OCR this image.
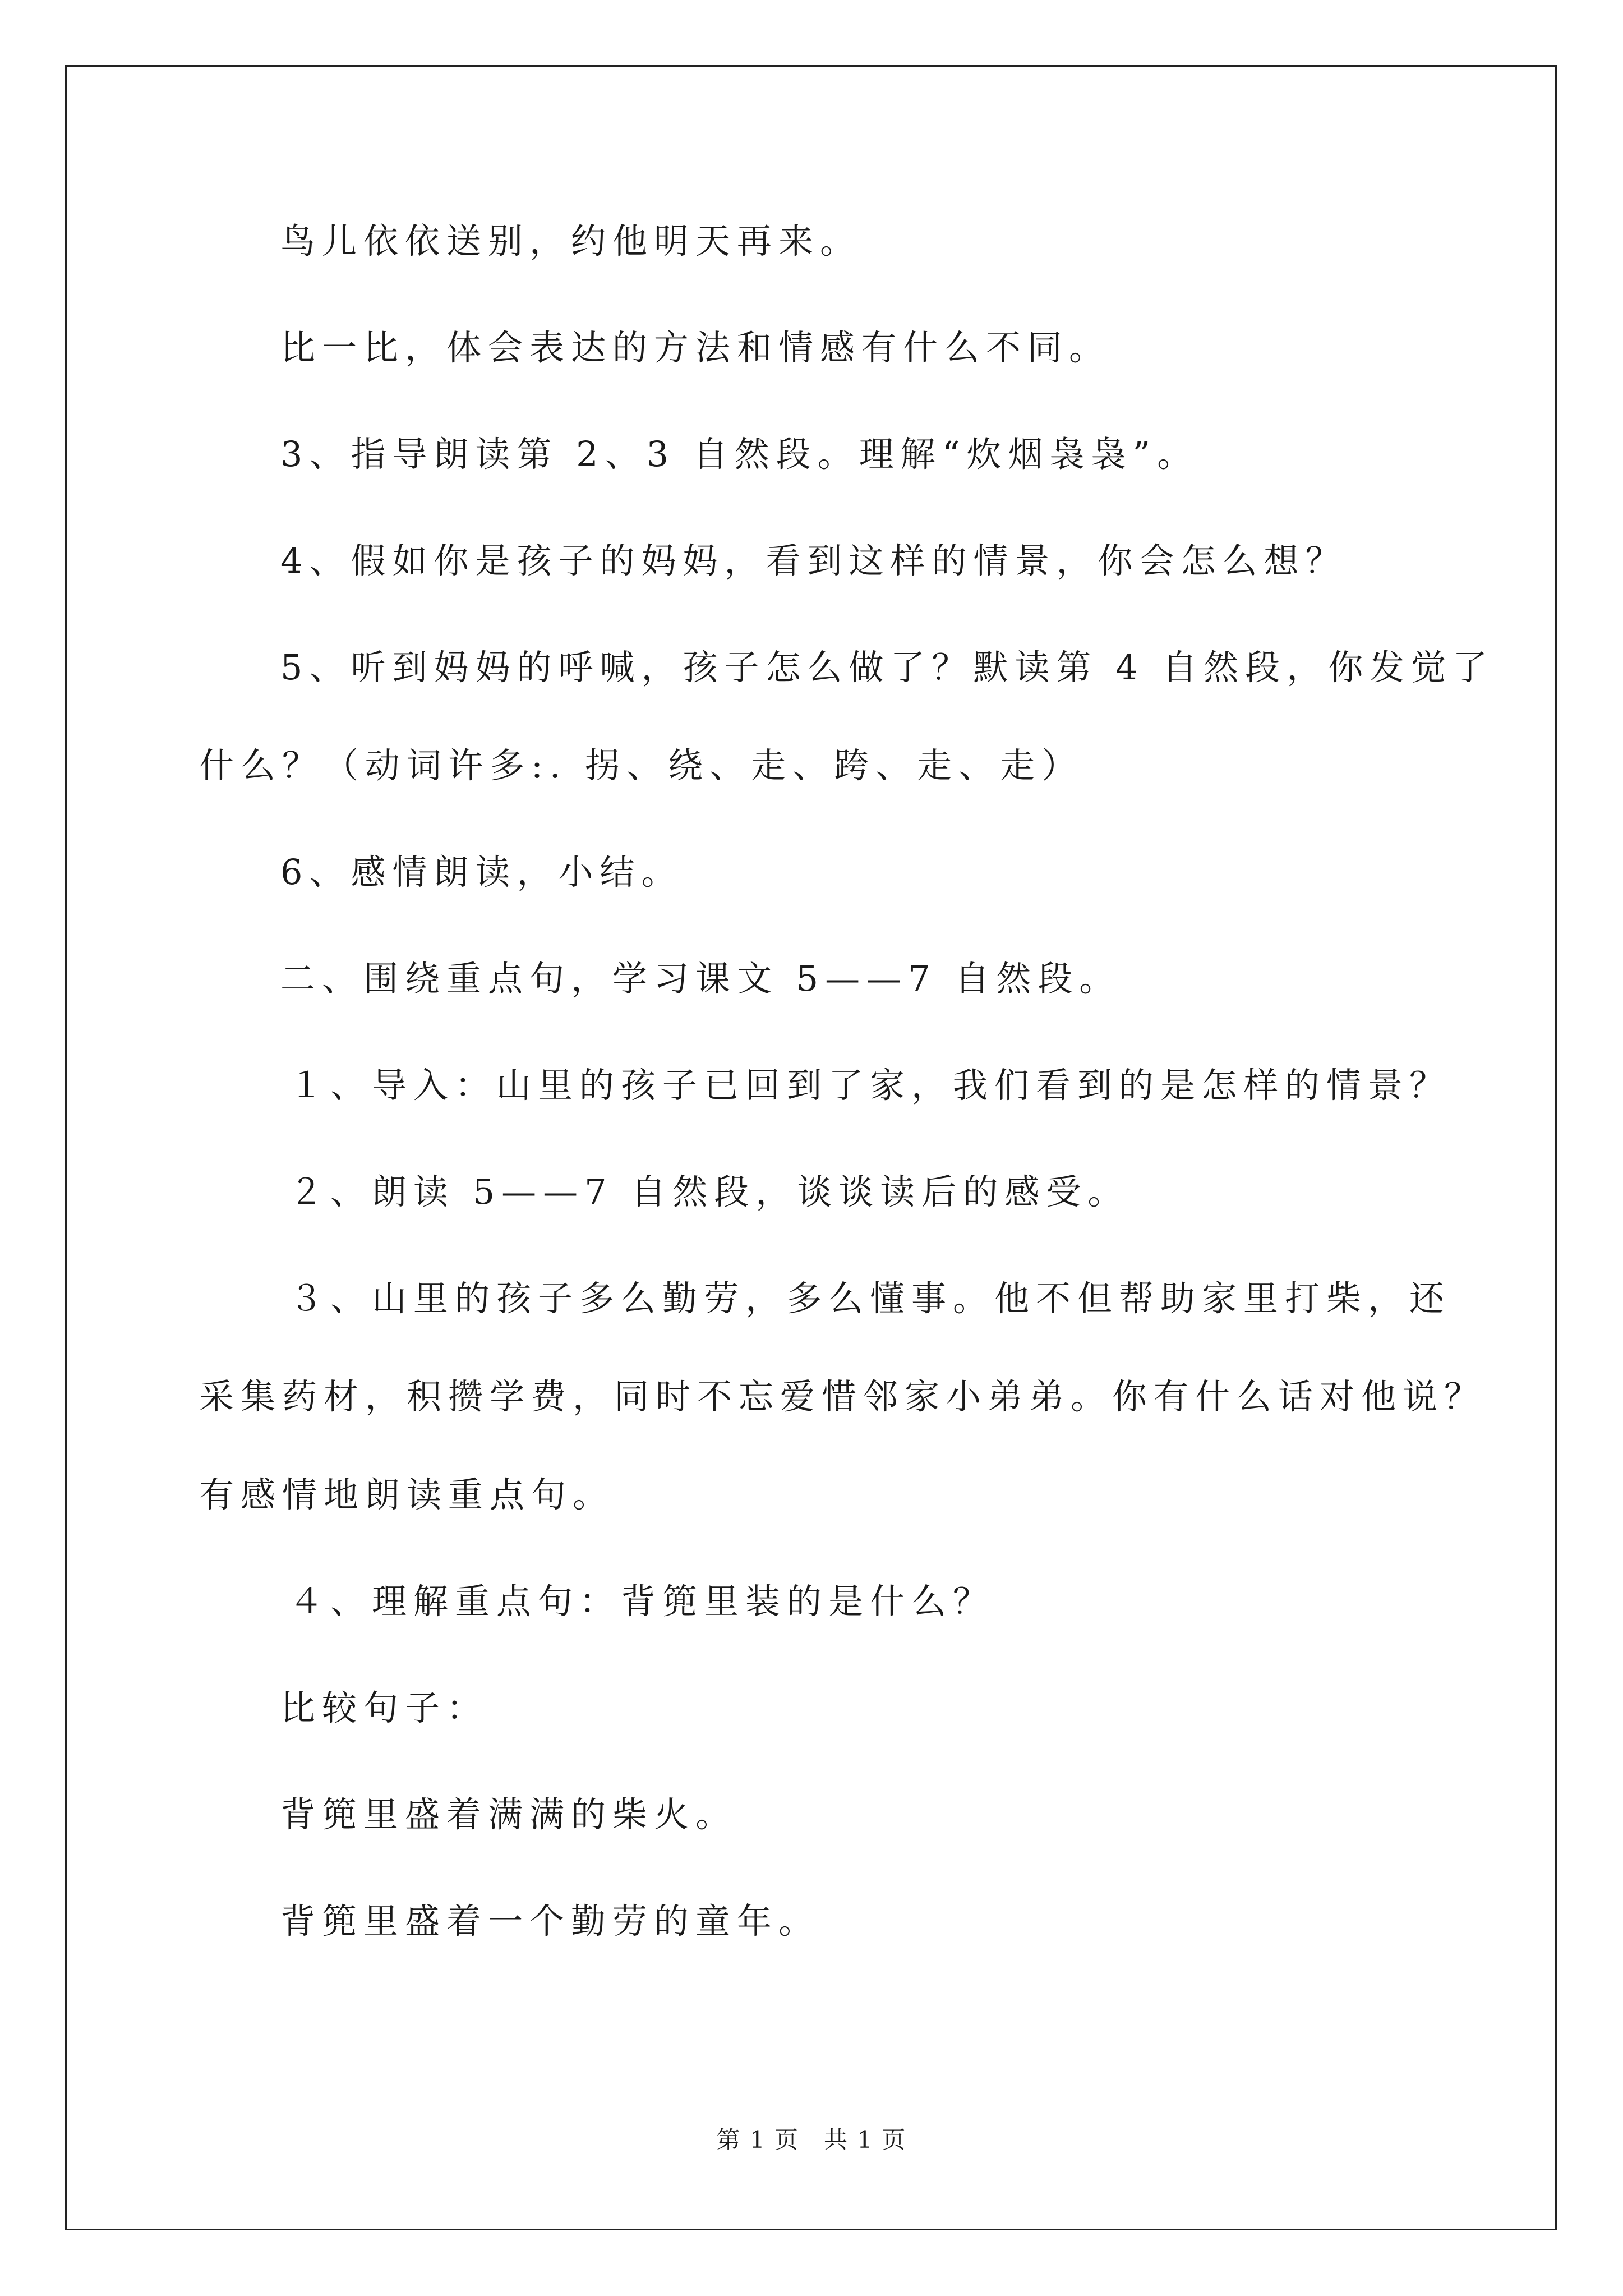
鸟儿依依送别，约他明天再来。
比一比，体会表达的方法和情感有什么不同。
3、指导朗读第 2、3 自然段。理解“炊烟袅袅”。
4、假如你是孩子的妈妈，看到这样的情景，你会怎么想？
5、听到妈妈的呼喊，孩子怎么做了？默读第 4 自然段，你发觉了
什么？（动词许多:. 拐、绕、走、跨、走、走）
6、感情朗读，小结。
二、围绕重点句，学习课文 5——7 自然段。
１、导入：山里的孩子已回到了家，我们看到的是怎样的情景？
２、朗读 5——7 自然段，谈谈读后的感受。
３、山里的孩子多么勤劳，多么懂事。他不但帮助家里打柴，还
采集药材，积攒学费，同时不忘爱惜邻家小弟弟。你有什么话对他说？
有感情地朗读重点句。
４、理解重点句：背篼里装的是什么？
比较句子：
背篼里盛着满满的柴火。
背篼里盛着一个勤劳的童年。
第 1 页　共 1 页
